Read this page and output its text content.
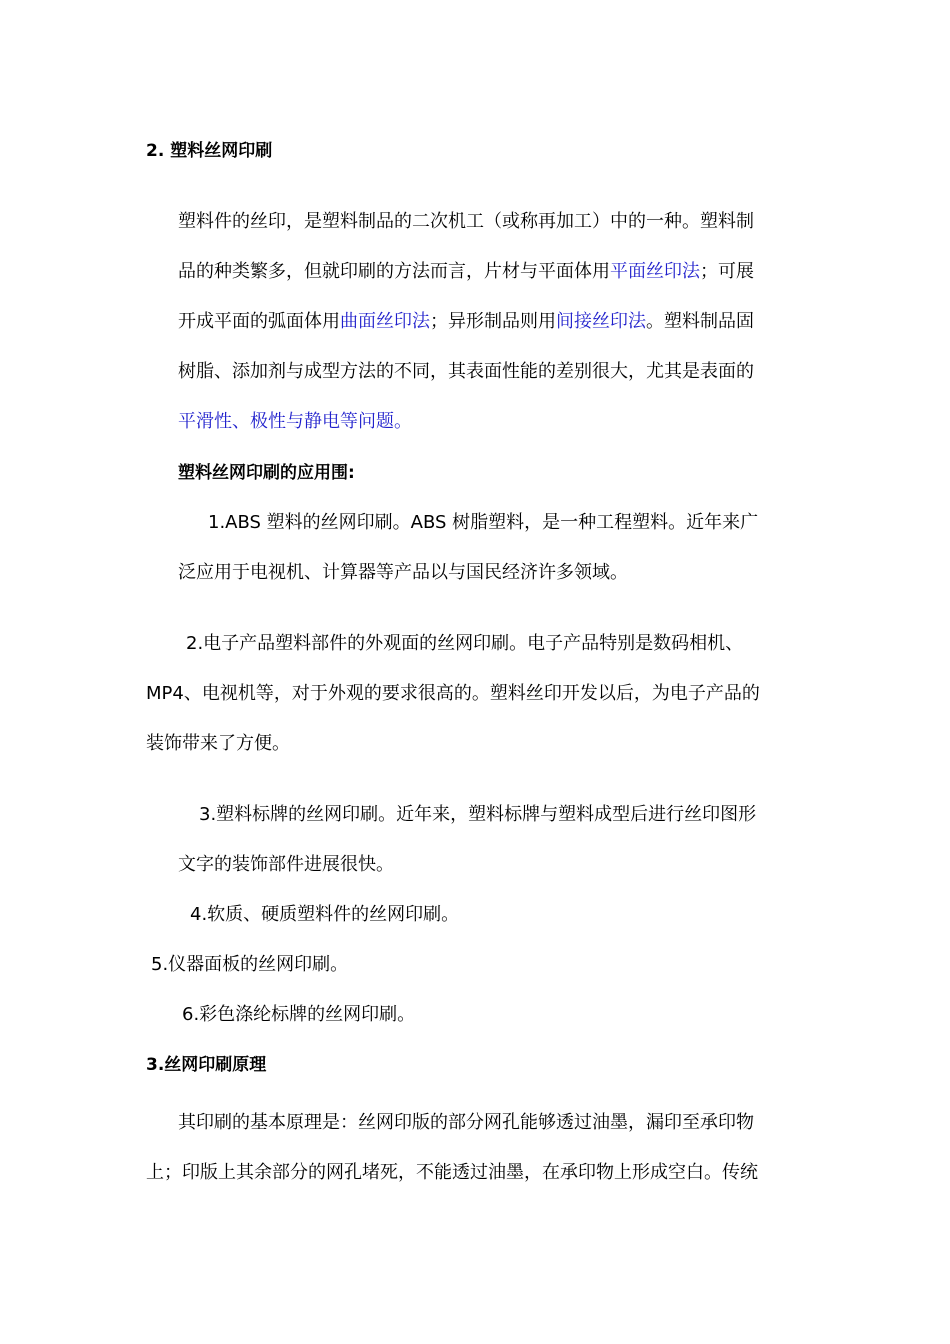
2. 塑料丝网印刷
塑料件的丝印，是塑料制品的二次机工（或称再加工）中的一种。塑料制
品的种类繁多，但就印刷的方法而言，片材与平面体用平面丝印法；可展
开成平面的弧面体用曲面丝印法；异形制品则用间接丝印法。塑料制品固
树脂、添加剂与成型方法的不同，其表面性能的差别很大，尤其是表面的
平滑性、极性与静电等问题。
塑料丝网印刷的应用围:
1.ABS 塑料的丝网印刷。ABS 树脂塑料，是一种工程塑料。近年来广
泛应用于电视机、计算器等产品以与国民经济许多领域。
2.电子产品塑料部件的外观面的丝网印刷。电子产品特别是数码相机、
MP4、电视机等，对于外观的要求很高的。塑料丝印开发以后，为电子产品的
装饰带来了方便。
3.塑料标牌的丝网印刷。近年来，塑料标牌与塑料成型后进行丝印图形
文字的装饰部件进展很快。
4.软质、硬质塑料件的丝网印刷。
5.仪器面板的丝网印刷。
6.彩色涤纶标牌的丝网印刷。
3.丝网印刷原理
其印刷的基本原理是：丝网印版的部分网孔能够透过油墨，漏印至承印物
上；印版上其余部分的网孔堵死，不能透过油墨，在承印物上形成空白。传统
